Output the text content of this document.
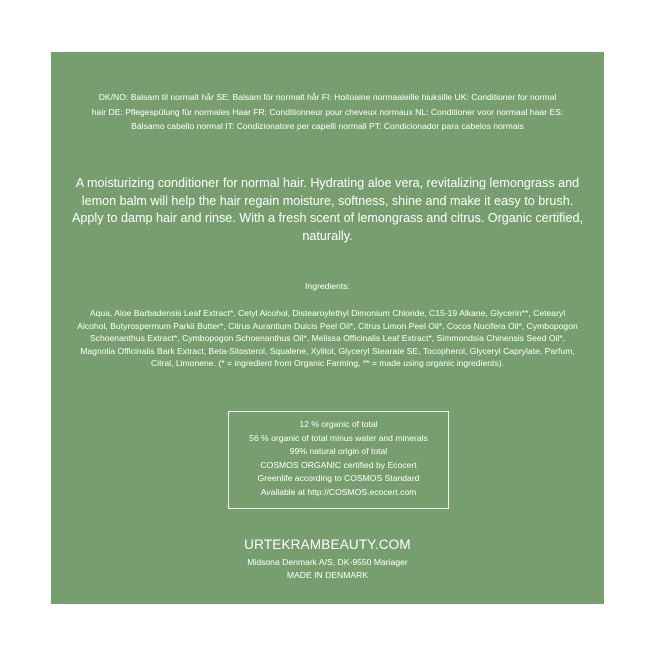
DK/NO: Balsam til normalt hår SE: Balsam för normalt hår FI: Hoitoaine normaaleille hiuksille UK: Conditioner for normal hair DE: Pflegespülung für normales Haar FR: Conditionneur pour cheveux normaux NL: Conditioner voor normaal haar ES: Bálsamo cabello normal IT: Condizionatore per capelli normali PT: Condicionador para cabelos normais
A moisturizing conditioner for normal hair. Hydrating aloe vera, revitalizing lemongrass and lemon balm will help the hair regain moisture, softness, shine and make it easy to brush. Apply to damp hair and rinse. With a fresh scent of lemongrass and citrus. Organic certified, naturally.
Ingredients:
Aqua, Aloe Barbadensis Leaf Extract*, Cetyl Alcohol, Distearoylethyl Dimonium Chloride, C15-19 Alkane, Glycerin**, Cetearyl Alcohol, Butyrospermum Parkii Butter*, Citrus Aurantium Dulcis Peel Oil*, Citrus Limon Peel Oil*, Cocos Nucifera Oil*, Cymbopogon Schoenanthus Extract*, Cymbopogon Schoenanthus Oil*, Melissa Officinalis Leaf Extract*, Simmondsia Chinensis Seed Oil*, Magnolia Officinalis Bark Extract, Beta-Sitosterol, Squalene, Xylitol, Glyceryl Stearate SE, Tocopherol, Glyceryl Caprylate, Parfum, Citral, Limonene. (* = ingredient from Organic Farming, ** = made using organic ingredients).
12 % organic of total
56 % organic of total minus water and minerals
99% natural origin of total
COSMOS ORGANIC certified by Ecocert
Greenlife according to COSMOS Standard
Available at http://COSMOS.ecocert.com
URTEKRAMBEAUTY.COM
Midsona Denmark A/S, DK-9550 Mariager
MADE IN DENMARK
